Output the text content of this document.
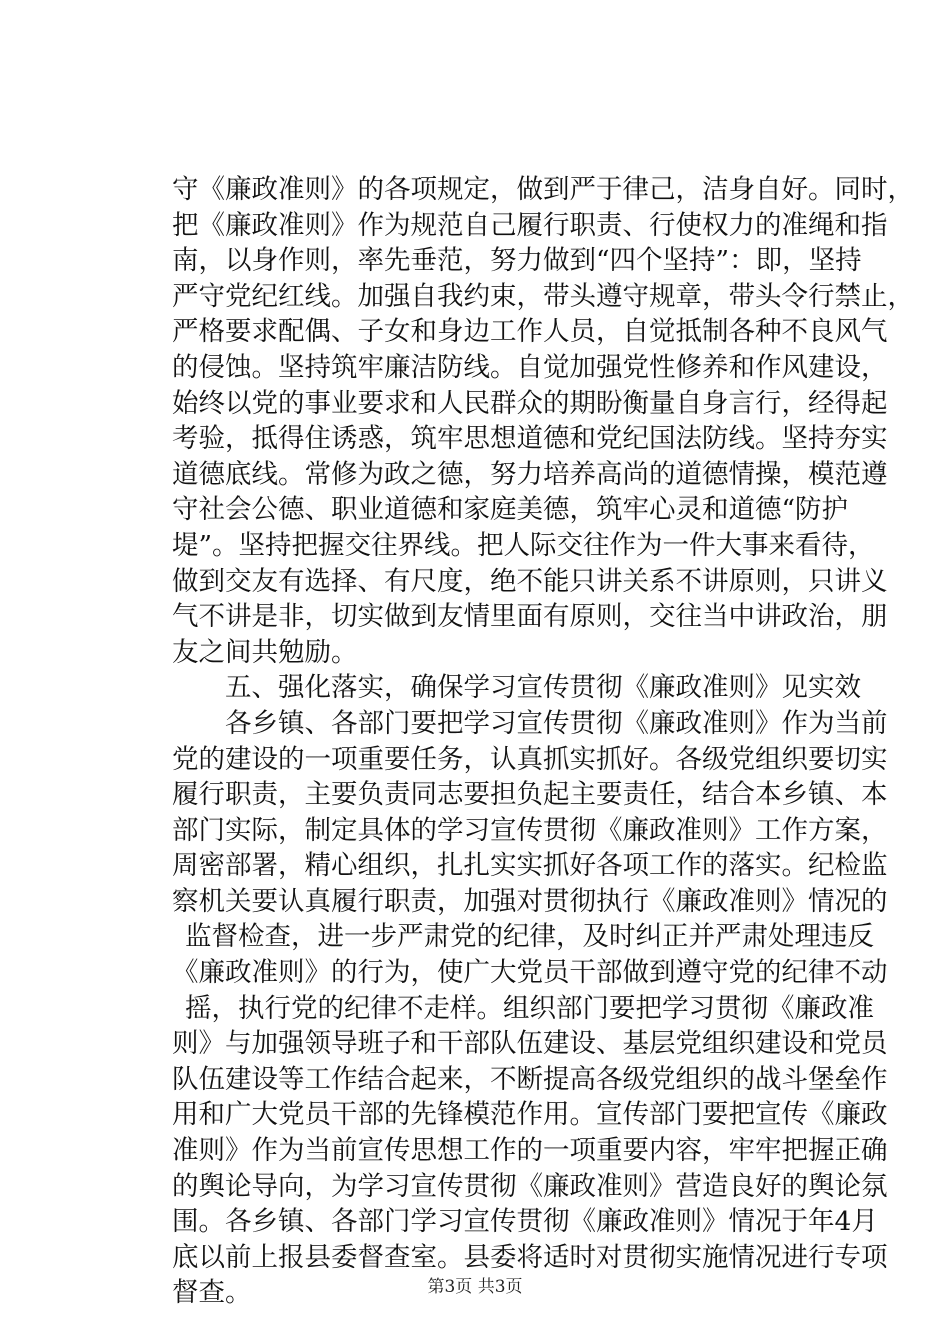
守《廉政准则》的各项规定，做到严于律己，洁身自好。同时，
把《廉政准则》作为规范自己履行职责、行使权力的准绳和指
南，以身作则，率先垂范，努力做到“四个坚持”：即，坚持
严守党纪红线。加强自我约束，带头遵守规章，带头令行禁止，
严格要求配偶、子女和身边工作人员，自觉抵制各种不良风气
的侵蚀。坚持筑牢廉洁防线。自觉加强党性修养和作风建设，
始终以党的事业要求和人民群众的期盼衡量自身言行，经得起
考验，抵得住诱惑，筑牢思想道德和党纪国法防线。坚持夯实
道德底线。常修为政之德，努力培养高尚的道德情操，模范遵
守社会公德、职业道德和家庭美德，筑牢心灵和道德“防护
堤”。坚持把握交往界线。把人际交往作为一件大事来看待，
做到交友有选择、有尺度，绝不能只讲关系不讲原则，只讲义
气不讲是非，切实做到友情里面有原则，交往当中讲政治，朋
友之间共勉励。
五、强化落实，确保学习宣传贯彻《廉政准则》见实效
各乡镇、各部门要把学习宣传贯彻《廉政准则》作为当前
党的建设的一项重要任务，认真抓实抓好。各级党组织要切实
履行职责，主要负责同志要担负起主要责任，结合本乡镇、本
部门实际，制定具体的学习宣传贯彻《廉政准则》工作方案，
周密部署，精心组织，扎扎实实抓好各项工作的落实。纪检监
察机关要认真履行职责，加强对贯彻执行《廉政准则》情况的
监督检查，进一步严肃党的纪律，及时纠正并严肃处理违反
《廉政准则》的行为，使广大党员干部做到遵守党的纪律不动
摇，执行党的纪律不走样。组织部门要把学习贯彻《廉政准
则》与加强领导班子和干部队伍建设、基层党组织建设和党员
队伍建设等工作结合起来，不断提高各级党组织的战斗堡垒作
用和广大党员干部的先锋模范作用。宣传部门要把宣传《廉政
准则》作为当前宣传思想工作的一项重要内容，牢牢把握正确
的舆论导向，为学习宣传贯彻《廉政准则》营造良好的舆论氛
围。各乡镇、各部门学习宣传贯彻《廉政准则》情况于年4月
底以前上报县委督查室。县委将适时对贯彻实施情况进行专项
督查。	第3页 共3页
